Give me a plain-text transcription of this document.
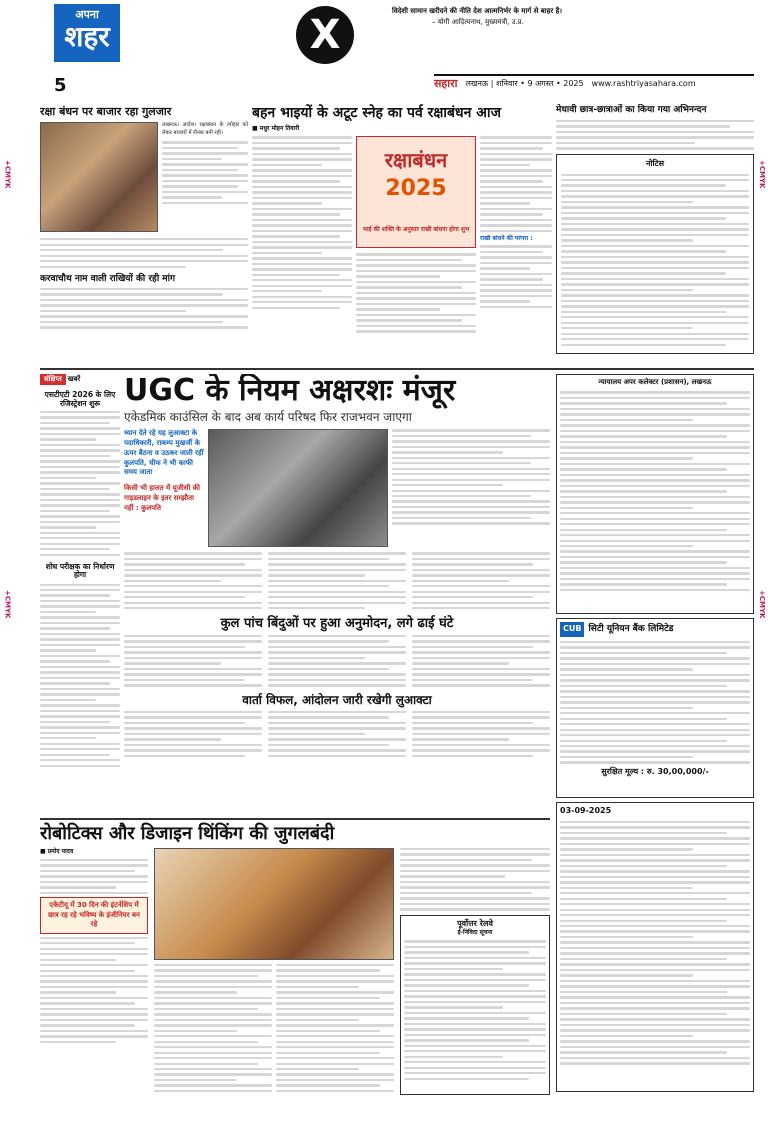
+CMYK
+CMYK
+CMYK
+CMYK
अपना
शहर	X
विदेशी सामान खरीदने की नीति देश आत्मनिर्भर के मार्ग से बाहर है।
– योगी आदित्यनाथ, मुख्यमंत्री, उ.प्र.
5	सहारा लखनऊ | शनिवार • 9 अगस्त • 2025 www.rashtriyasahara.com
रक्षा बंधन पर बाजार रहा गुलजार
लखनऊ। आदेश। रक्षाबंधन के त्योहार को लेकर बाजारों में रौनक बनी रही।
करवाचौथ नाम वाली राखियों की रही मांग
बहन भाइयों के अटूट स्नेह का पर्व रक्षाबंधन आज
■ मधुर मोहन तिवारी
रक्षाबंधन
2025
भाई की शक्ति के अनुसार राखी बांधना होगा शुभ
राखी बांधने की परंपरा :
मेधावी छात्र-छात्राओं का किया गया अभिनन्दन
नोटिस
संक्षिप्त खबरें
एसटीएटी 2026 के लिए रजिस्ट्रेशन शुरू
शोध परीक्षक का निर्धारण होगा
UGC के नियम अक्षरशः मंजूर
एकेडमिक काउंसिल के बाद अब कार्य परिषद फिर राजभवन जाएगा
ध्यान देते रहे यह लुआक्टा के पदाधिकारी, राकम्प मुखर्जी के ऊपर बैठना व उठकर जाती रहीं कुलपति, चीफ ने भी काफी समय जाता
किसी भी हालत में यूजीसी की गाइडलाइन के इतर सम्झौता नहीं : कुलपति
कुल पांच बिंदुओं पर हुआ अनुमोदन, लगे ढाई घंटे
वार्ता विफल, आंदोलन जारी रखेगी लुआक्टा
न्यायालय अपर कलेक्टर (प्रशासन), लखनऊ
CUB सिटी यूनियन बैंक लिमिटेड
सुरक्षित मूल्य : रु. 30,00,000/-
03-09-2025
रोबोटिक्स और डिजाइन थिंकिंग की जुगलबंदी
■ प्रमोद यादव
एकेटीयू में 30 दिन की इंटर्नशिप में छात्र रह रहे भविष्य के इंजीनियर बन रहे	पूर्वोत्तर रेलवे
ई-निविदा सूचना
